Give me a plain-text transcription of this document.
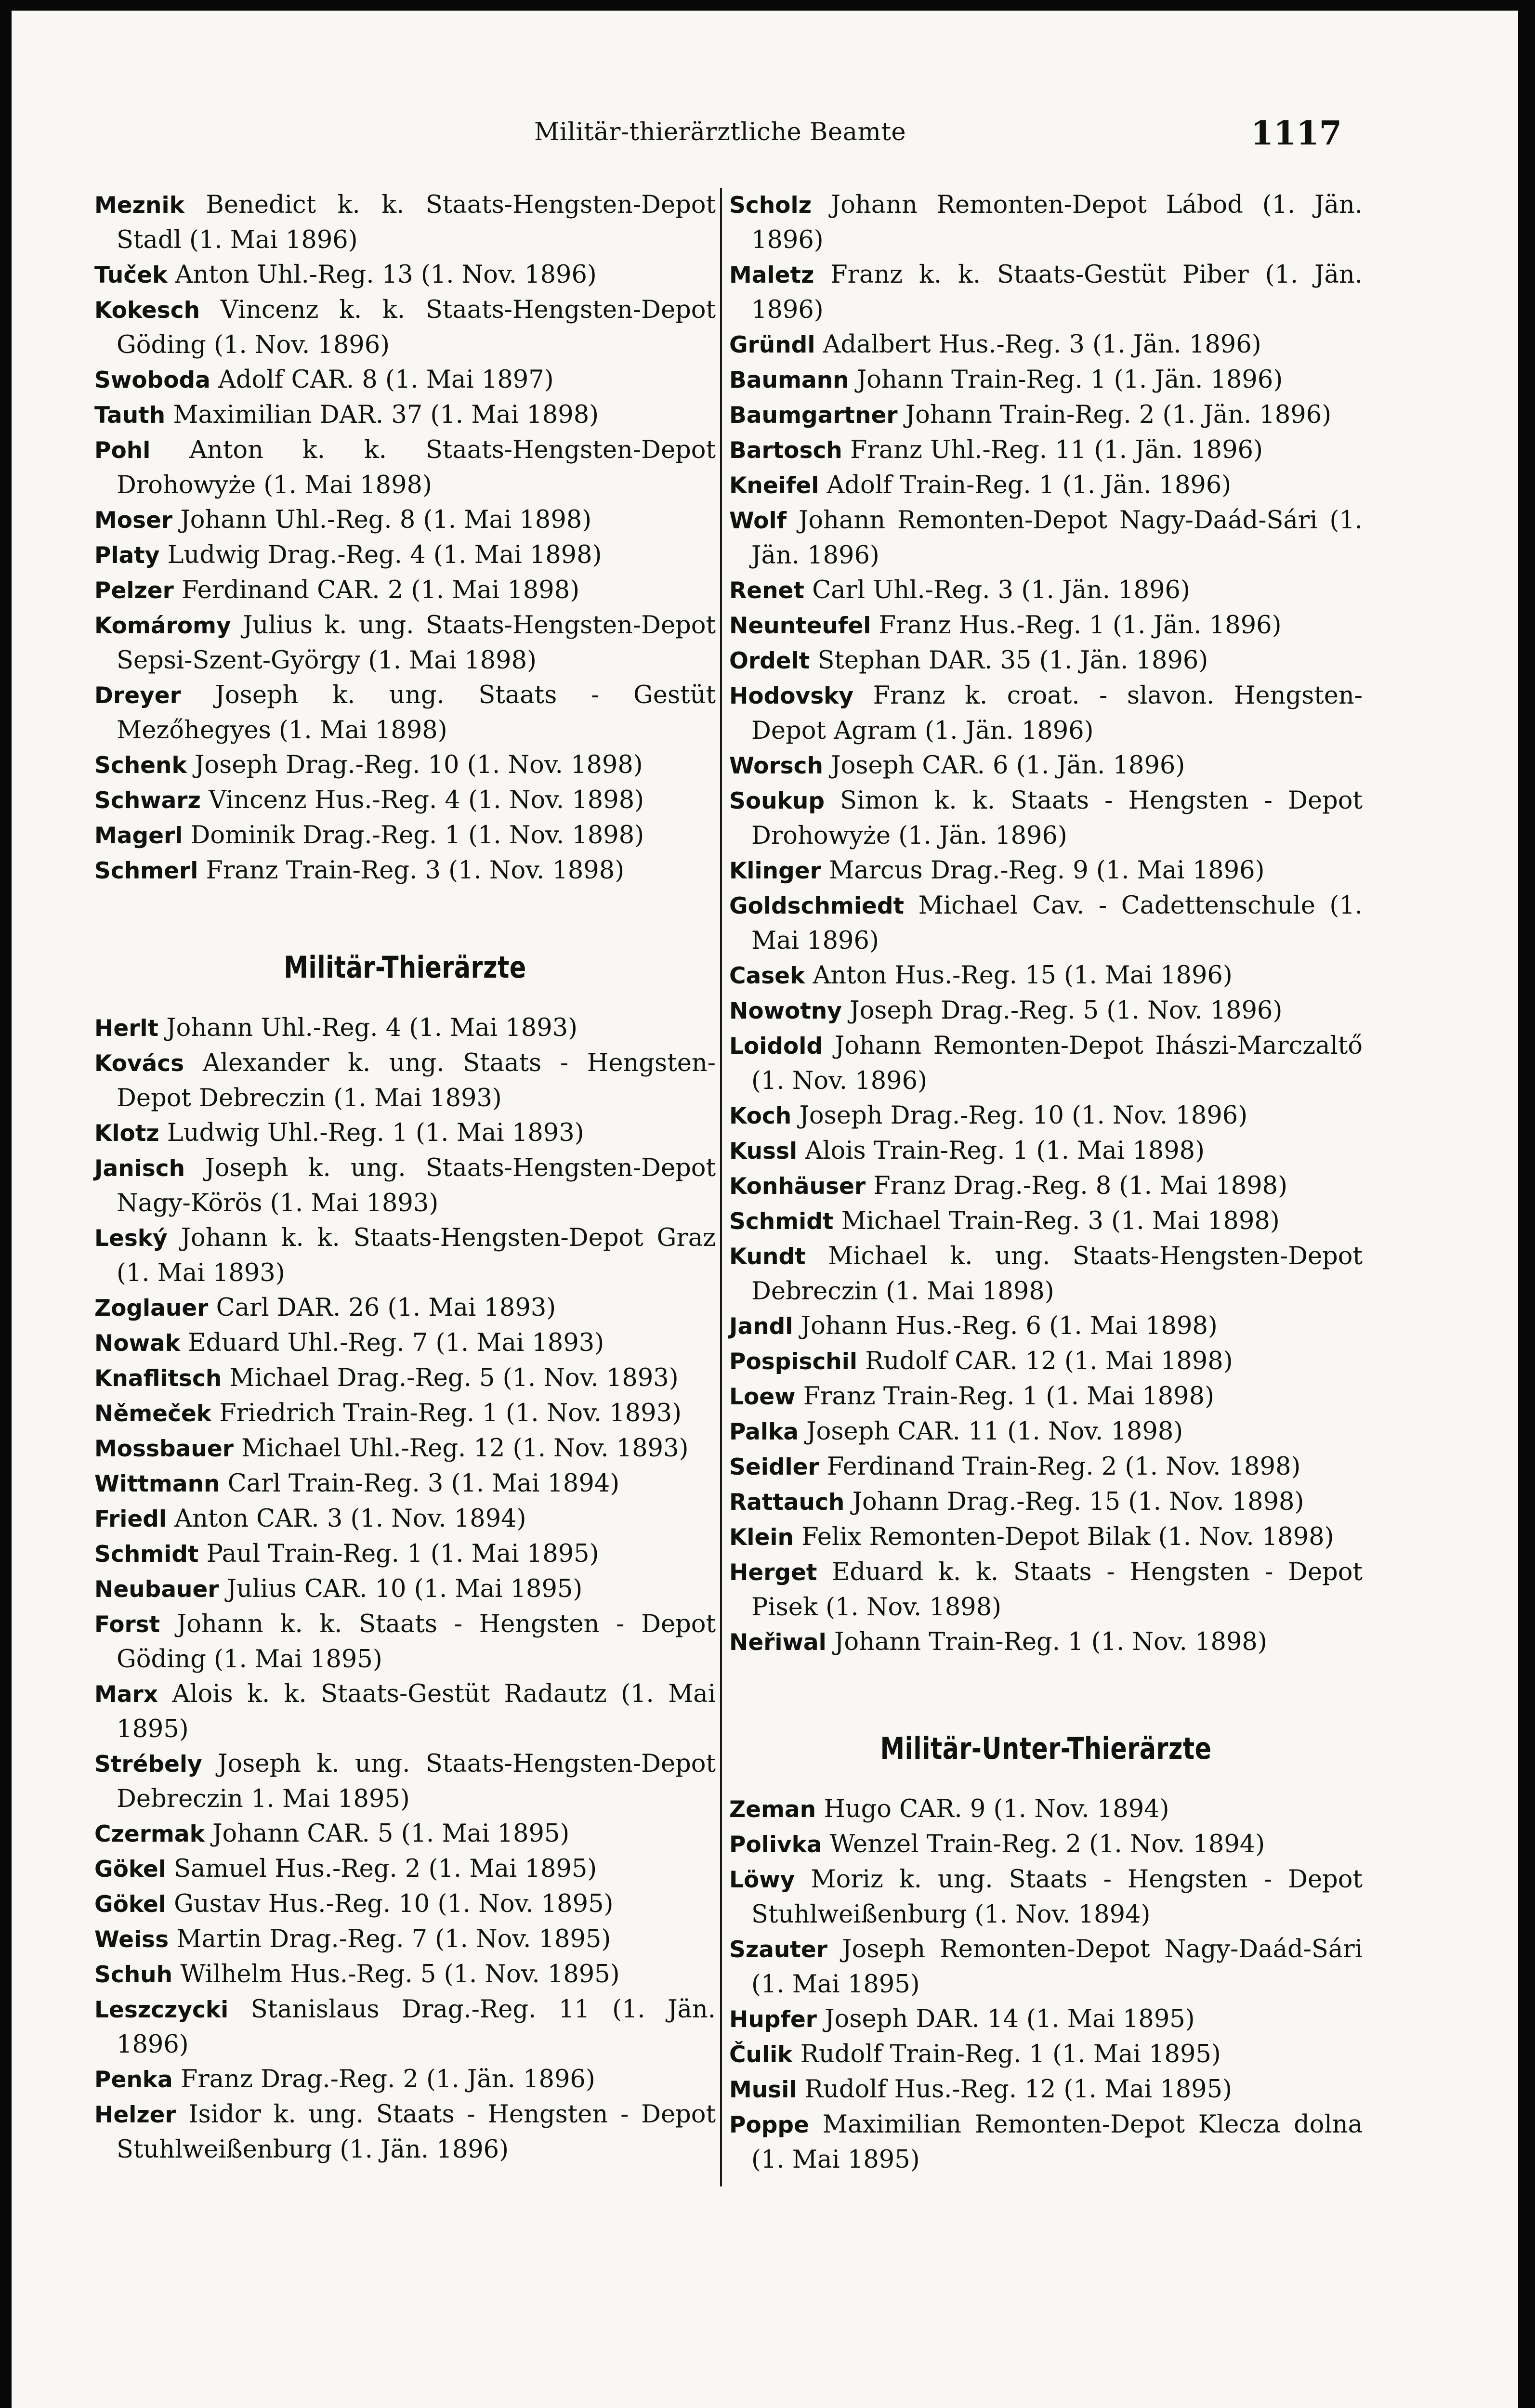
Militär-thierärztliche Beamte	1117
Meznik Benedict k. k. Staats-Hengsten-Depot Stadl (1. Mai 1896)
Tuček Anton Uhl.-Reg. 13 (1. Nov. 1896)
Kokesch Vincenz k. k. Staats-Hengsten-Depot Göding (1. Nov. 1896)
Swoboda Adolf CAR. 8 (1. Mai 1897)
Tauth Maximilian DAR. 37 (1. Mai 1898)
Pohl Anton k. k. Staats-Hengsten-Depot Drohowyże (1. Mai 1898)
Moser Johann Uhl.-Reg. 8 (1. Mai 1898)
Platy Ludwig Drag.-Reg. 4 (1. Mai 1898)
Pelzer Ferdinand CAR. 2 (1. Mai 1898)
Komáromy Julius k. ung. Staats-Hengsten-Depot Sepsi-Szent-György (1. Mai 1898)
Dreyer Joseph k. ung. Staats - Gestüt Mezőhegyes (1. Mai 1898)
Schenk Joseph Drag.-Reg. 10 (1. Nov. 1898)
Schwarz Vincenz Hus.-Reg. 4 (1. Nov. 1898)
Magerl Dominik Drag.-Reg. 1 (1. Nov. 1898)
Schmerl Franz Train-Reg. 3 (1. Nov. 1898)
Militär-Thierärzte
Herlt Johann Uhl.-Reg. 4 (1. Mai 1893)
Kovács Alexander k. ung. Staats - Hengsten-Depot Debreczin (1. Mai 1893)
Klotz Ludwig Uhl.-Reg. 1 (1. Mai 1893)
Janisch Joseph k. ung. Staats-Hengsten-Depot Nagy-Körös (1. Mai 1893)
Leský Johann k. k. Staats-Hengsten-Depot Graz (1. Mai 1893)
Zoglauer Carl DAR. 26 (1. Mai 1893)
Nowak Eduard Uhl.-Reg. 7 (1. Mai 1893)
Knaflitsch Michael Drag.-Reg. 5 (1. Nov. 1893)
Němeček Friedrich Train-Reg. 1 (1. Nov. 1893)
Mossbauer Michael Uhl.-Reg. 12 (1. Nov. 1893)
Wittmann Carl Train-Reg. 3 (1. Mai 1894)
Friedl Anton CAR. 3 (1. Nov. 1894)
Schmidt Paul Train-Reg. 1 (1. Mai 1895)
Neubauer Julius CAR. 10 (1. Mai 1895)
Forst Johann k. k. Staats - Hengsten - Depot Göding (1. Mai 1895)
Marx Alois k. k. Staats-Gestüt Radautz (1. Mai 1895)
Strébely Joseph k. ung. Staats-Hengsten-Depot Debreczin 1. Mai 1895)
Czermak Johann CAR. 5 (1. Mai 1895)
Gökel Samuel Hus.-Reg. 2 (1. Mai 1895)
Gökel Gustav Hus.-Reg. 10 (1. Nov. 1895)
Weiss Martin Drag.-Reg. 7 (1. Nov. 1895)
Schuh Wilhelm Hus.-Reg. 5 (1. Nov. 1895)
Leszczycki Stanislaus Drag.-Reg. 11 (1. Jän. 1896)
Penka Franz Drag.-Reg. 2 (1. Jän. 1896)
Helzer Isidor k. ung. Staats - Hengsten - Depot Stuhlweißenburg (1. Jän. 1896)
Scholz Johann Remonten-Depot Lábod (1. Jän. 1896)
Maletz Franz k. k. Staats-Gestüt Piber (1. Jän. 1896)
Gründl Adalbert Hus.-Reg. 3 (1. Jän. 1896)
Baumann Johann Train-Reg. 1 (1. Jän. 1896)
Baumgartner Johann Train-Reg. 2 (1. Jän. 1896)
Bartosch Franz Uhl.-Reg. 11 (1. Jän. 1896)
Kneifel Adolf Train-Reg. 1 (1. Jän. 1896)
Wolf Johann Remonten-Depot Nagy-Daád-Sári (1. Jän. 1896)
Renet Carl Uhl.-Reg. 3 (1. Jän. 1896)
Neunteufel Franz Hus.-Reg. 1 (1. Jän. 1896)
Ordelt Stephan DAR. 35 (1. Jän. 1896)
Hodovsky Franz k. croat. - slavon. Hengsten-Depot Agram (1. Jän. 1896)
Worsch Joseph CAR. 6 (1. Jän. 1896)
Soukup Simon k. k. Staats - Hengsten - Depot Drohowyże (1. Jän. 1896)
Klinger Marcus Drag.-Reg. 9 (1. Mai 1896)
Goldschmiedt Michael Cav. - Cadettenschule (1. Mai 1896)
Casek Anton Hus.-Reg. 15 (1. Mai 1896)
Nowotny Joseph Drag.-Reg. 5 (1. Nov. 1896)
Loidold Johann Remonten-Depot Ihászi-Marczaltő (1. Nov. 1896)
Koch Joseph Drag.-Reg. 10 (1. Nov. 1896)
Kussl Alois Train-Reg. 1 (1. Mai 1898)
Konhäuser Franz Drag.-Reg. 8 (1. Mai 1898)
Schmidt Michael Train-Reg. 3 (1. Mai 1898)
Kundt Michael k. ung. Staats-Hengsten-Depot Debreczin (1. Mai 1898)
Jandl Johann Hus.-Reg. 6 (1. Mai 1898)
Pospischil Rudolf CAR. 12 (1. Mai 1898)
Loew Franz Train-Reg. 1 (1. Mai 1898)
Palka Joseph CAR. 11 (1. Nov. 1898)
Seidler Ferdinand Train-Reg. 2 (1. Nov. 1898)
Rattauch Johann Drag.-Reg. 15 (1. Nov. 1898)
Klein Felix Remonten-Depot Bilak (1. Nov. 1898)
Herget Eduard k. k. Staats - Hengsten - Depot Pisek (1. Nov. 1898)
Neřiwal Johann Train-Reg. 1 (1. Nov. 1898)
Militär-Unter-Thierärzte
Zeman Hugo CAR. 9 (1. Nov. 1894)
Polivka Wenzel Train-Reg. 2 (1. Nov. 1894)
Löwy Moriz k. ung. Staats - Hengsten - Depot Stuhlweißenburg (1. Nov. 1894)
Szauter Joseph Remonten-Depot Nagy-Daád-Sári (1. Mai 1895)
Hupfer Joseph DAR. 14 (1. Mai 1895)
Čulik Rudolf Train-Reg. 1 (1. Mai 1895)
Musil Rudolf Hus.-Reg. 12 (1. Mai 1895)
Poppe Maximilian Remonten-Depot Klecza dolna (1. Mai 1895)
